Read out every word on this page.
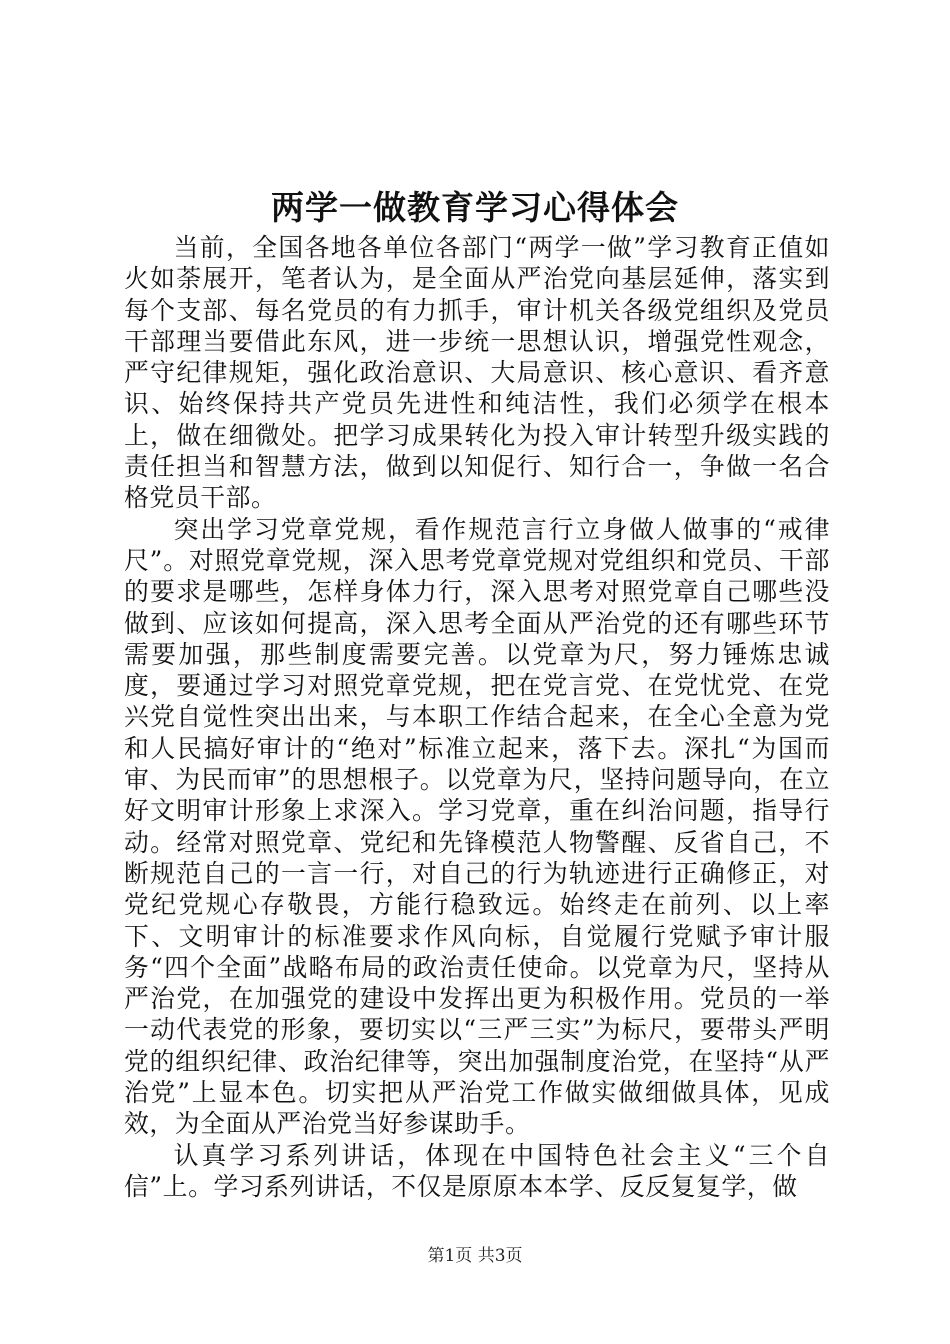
两学一做教育学习心得体会

当前，全国各地各单位各部门“两学一做”学习教育正值如火如荼展开，笔者认为，是全面从严治党向基层延伸，落实到每个支部、每名党员的有力抓手，审计机关各级党组织及党员干部理当要借此东风，进一步统一思想认识，增强党性观念，严守纪律规矩，强化政治意识、大局意识、核心意识、看齐意识、始终保持共产党员先进性和纯洁性，我们必须学在根本上，做在细微处。把学习成果转化为投入审计转型升级实践的责任担当和智慧方法，做到以知促行、知行合一，争做一名合格党员干部。

突出学习党章党规，看作规范言行立身做人做事的“戒律尺”。对照党章党规，深入思考党章党规对党组织和党员、干部的要求是哪些，怎样身体力行，深入思考对照党章自己哪些没做到、应该如何提高，深入思考全面从严治党的还有哪些环节需要加强，那些制度需要完善。以党章为尺，努力锤炼忠诚度，要通过学习对照党章党规，把在党言党、在党忧党、在党兴党自觉性突出出来，与本职工作结合起来，在全心全意为党和人民搞好审计的“绝对”标准立起来，落下去。深扎“为国而审、为民而审”的思想根子。以党章为尺，坚持问题导向，在立好文明审计形象上求深入。学习党章，重在纠治问题，指导行动。经常对照党章、党纪和先锋模范人物警醒、反省自己，不断规范自己的一言一行，对自己的行为轨迹进行正确修正，对党纪党规心存敬畏，方能行稳致远。始终走在前列、以上率下、文明审计的标准要求作风向标，自觉履行党赋予审计服务“四个全面”战略布局的政治责任使命。以党章为尺，坚持从严治党，在加强党的建设中发挥出更为积极作用。党员的一举一动代表党的形象，要切实以“三严三实”为标尺，要带头严明党的组织纪律、政治纪律等，突出加强制度治党，在坚持“从严治党”上显本色。切实把从严治党工作做实做细做具体，见成效，为全面从严治党当好参谋助手。

认真学习系列讲话，体现在中国特色社会主义“三个自信”上。学习系列讲话，不仅是原原本本学、反反复复学，做

第1页 共3页
